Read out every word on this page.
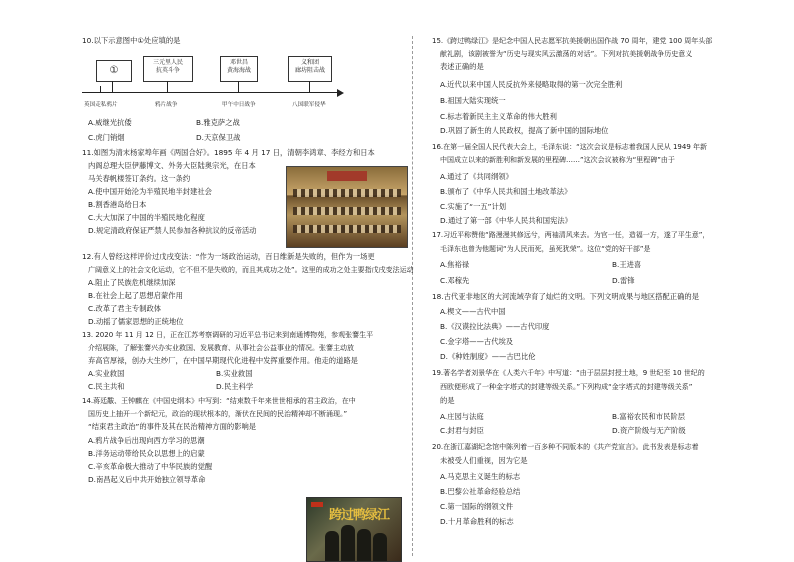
10.以下示意图中①处应填的是
①
三元里人民
抗英斗争
邓世昌
黄海海战
义和团
廊坊阻击战
英国走私鸦片	鸦片战争	甲午中日战争	八国联军侵华
A.威继光抗倭	B.雅克萨之战
C.虎门销烟	D.天京保卫战
11.如图为清末杨家埠年画《两国合好》。1895 年 4 月 17 日，清朝李鸿章、李经方和日本
内阁总理大臣伊藤博文、外务大臣陆奥宗光，在日本
马关春帆楼签订条约。这一条约
A.使中国开始沦为半殖民地半封建社会
B.割香港岛给日本
C.大大加深了中国的半殖民地化程度
D.规定清政府保证严禁人民参加各种抗议的反帝活动
12.有人曾经这样评价过戊戌变法：“作为一场政治运动，百日维新是失败的，但作为一场更
广阔意义上的社会文化运动，它不但不是失败的，而且其成功之处”。这里的成功之处主要指戊戌变法运动
A.阻止了民族危机继续加深
B.在社会上起了思想启蒙作用
C.改革了君主专制政体
D.动摇了儒家思想的正统地位
13. 2020 年 11 月 12 日，正在江苏考察调研的习近平总书记来到南通博物苑，参观张謇生平
介绍展陈，了解张謇兴办实业救国、发展教育、从事社会公益事业的情况。张謇主动放
弃高官厚禄，创办大生纱厂，在中国早期现代化进程中发挥重要作用。他走的道路是
A.实业救国	B.实业救国
C.民主共和	D.民主科学
14.蒋廷黻、王钟麒在《中国史纲本》中写到：“结束数千年来世世相承的君主政治，在中
国历史上抽开一个新纪元，政治的现状根本的，渐伏在民间的民治精神却不断涌现。”
“结束君主政治”的事件及其在民治精神方面的影响是
A.鸦片战争后出现向西方学习的思潮
B.洋务运动带给民众以思想上的启蒙
C.辛亥革命极大推动了中华民族的觉醒
D.南昌起义后中共开始独立领导革命
跨过鸭绿江
15.《跨过鸭绿江》是纪念中国人民志愿军抗美援朝出国作战 70 周年，建党 100 周年头部
献礼剧，该剧被誉为“历史与现实风云激荡的对话”。下列对抗美援朝战争历史意义
表述正确的是
A.近代以来中国人民反抗外来侵略取得的第一次完全胜利
B.祖国大陆实现统一
C.标志着新民主主义革命的伟大胜利
D.巩固了新生的人民政权，提高了新中国的国际地位
16.在第一届全国人民代表大会上，毛泽东说：“这次会议是标志着我国人民从 1949 年新
中国成立以来的新胜利和新发展的里程碑……”这次会议被称为“里程碑”由于
A.通过了《共同纲领》
B.颁布了《中华人民共和国土地改革法》
C.实施了“一五”计划
D.通过了第一部《中华人民共和国宪法》
17.习近平称赞他“路漫漫其修远兮，两袖清风来去。为官一任，造福一方，遂了平生意”，
毛泽东也曾为他题词“为人民而死，虽死犹荣”。这位“党的好干部”是
A.焦裕禄	B.王进喜
C.邓稼先	D.雷锋
18.古代亚非地区的大河流域孕育了灿烂的文明。下列文明成果与地区搭配正确的是
A.楔文——古代中国
B.《汉谟拉比法典》——古代印度
C.金字塔——古代埃及
D.《种姓制度》——古巴比伦
19.著名学者刘景华在《人类六千年》中写道：“由于层层封授土地，9 世纪至 10 世纪的
西欧便形成了一种金字塔式的封建等级关系。”下列构成“金字塔式的封建等级关系”
的是
A.庄园与法庭	B.富裕农民和市民阶层
C.封君与封臣	D.资产阶级与无产阶级
20.在浙江嘉湖纪念馆中陈列着一百多种不同版本的《共产党宣言》。此书发表是标志着
未被受人们重视，因为它是
A.马克思主义诞生的标志
B.巴黎公社革命经验总结
C.第一国际的纲领文件
D.十月革命胜利的标志
